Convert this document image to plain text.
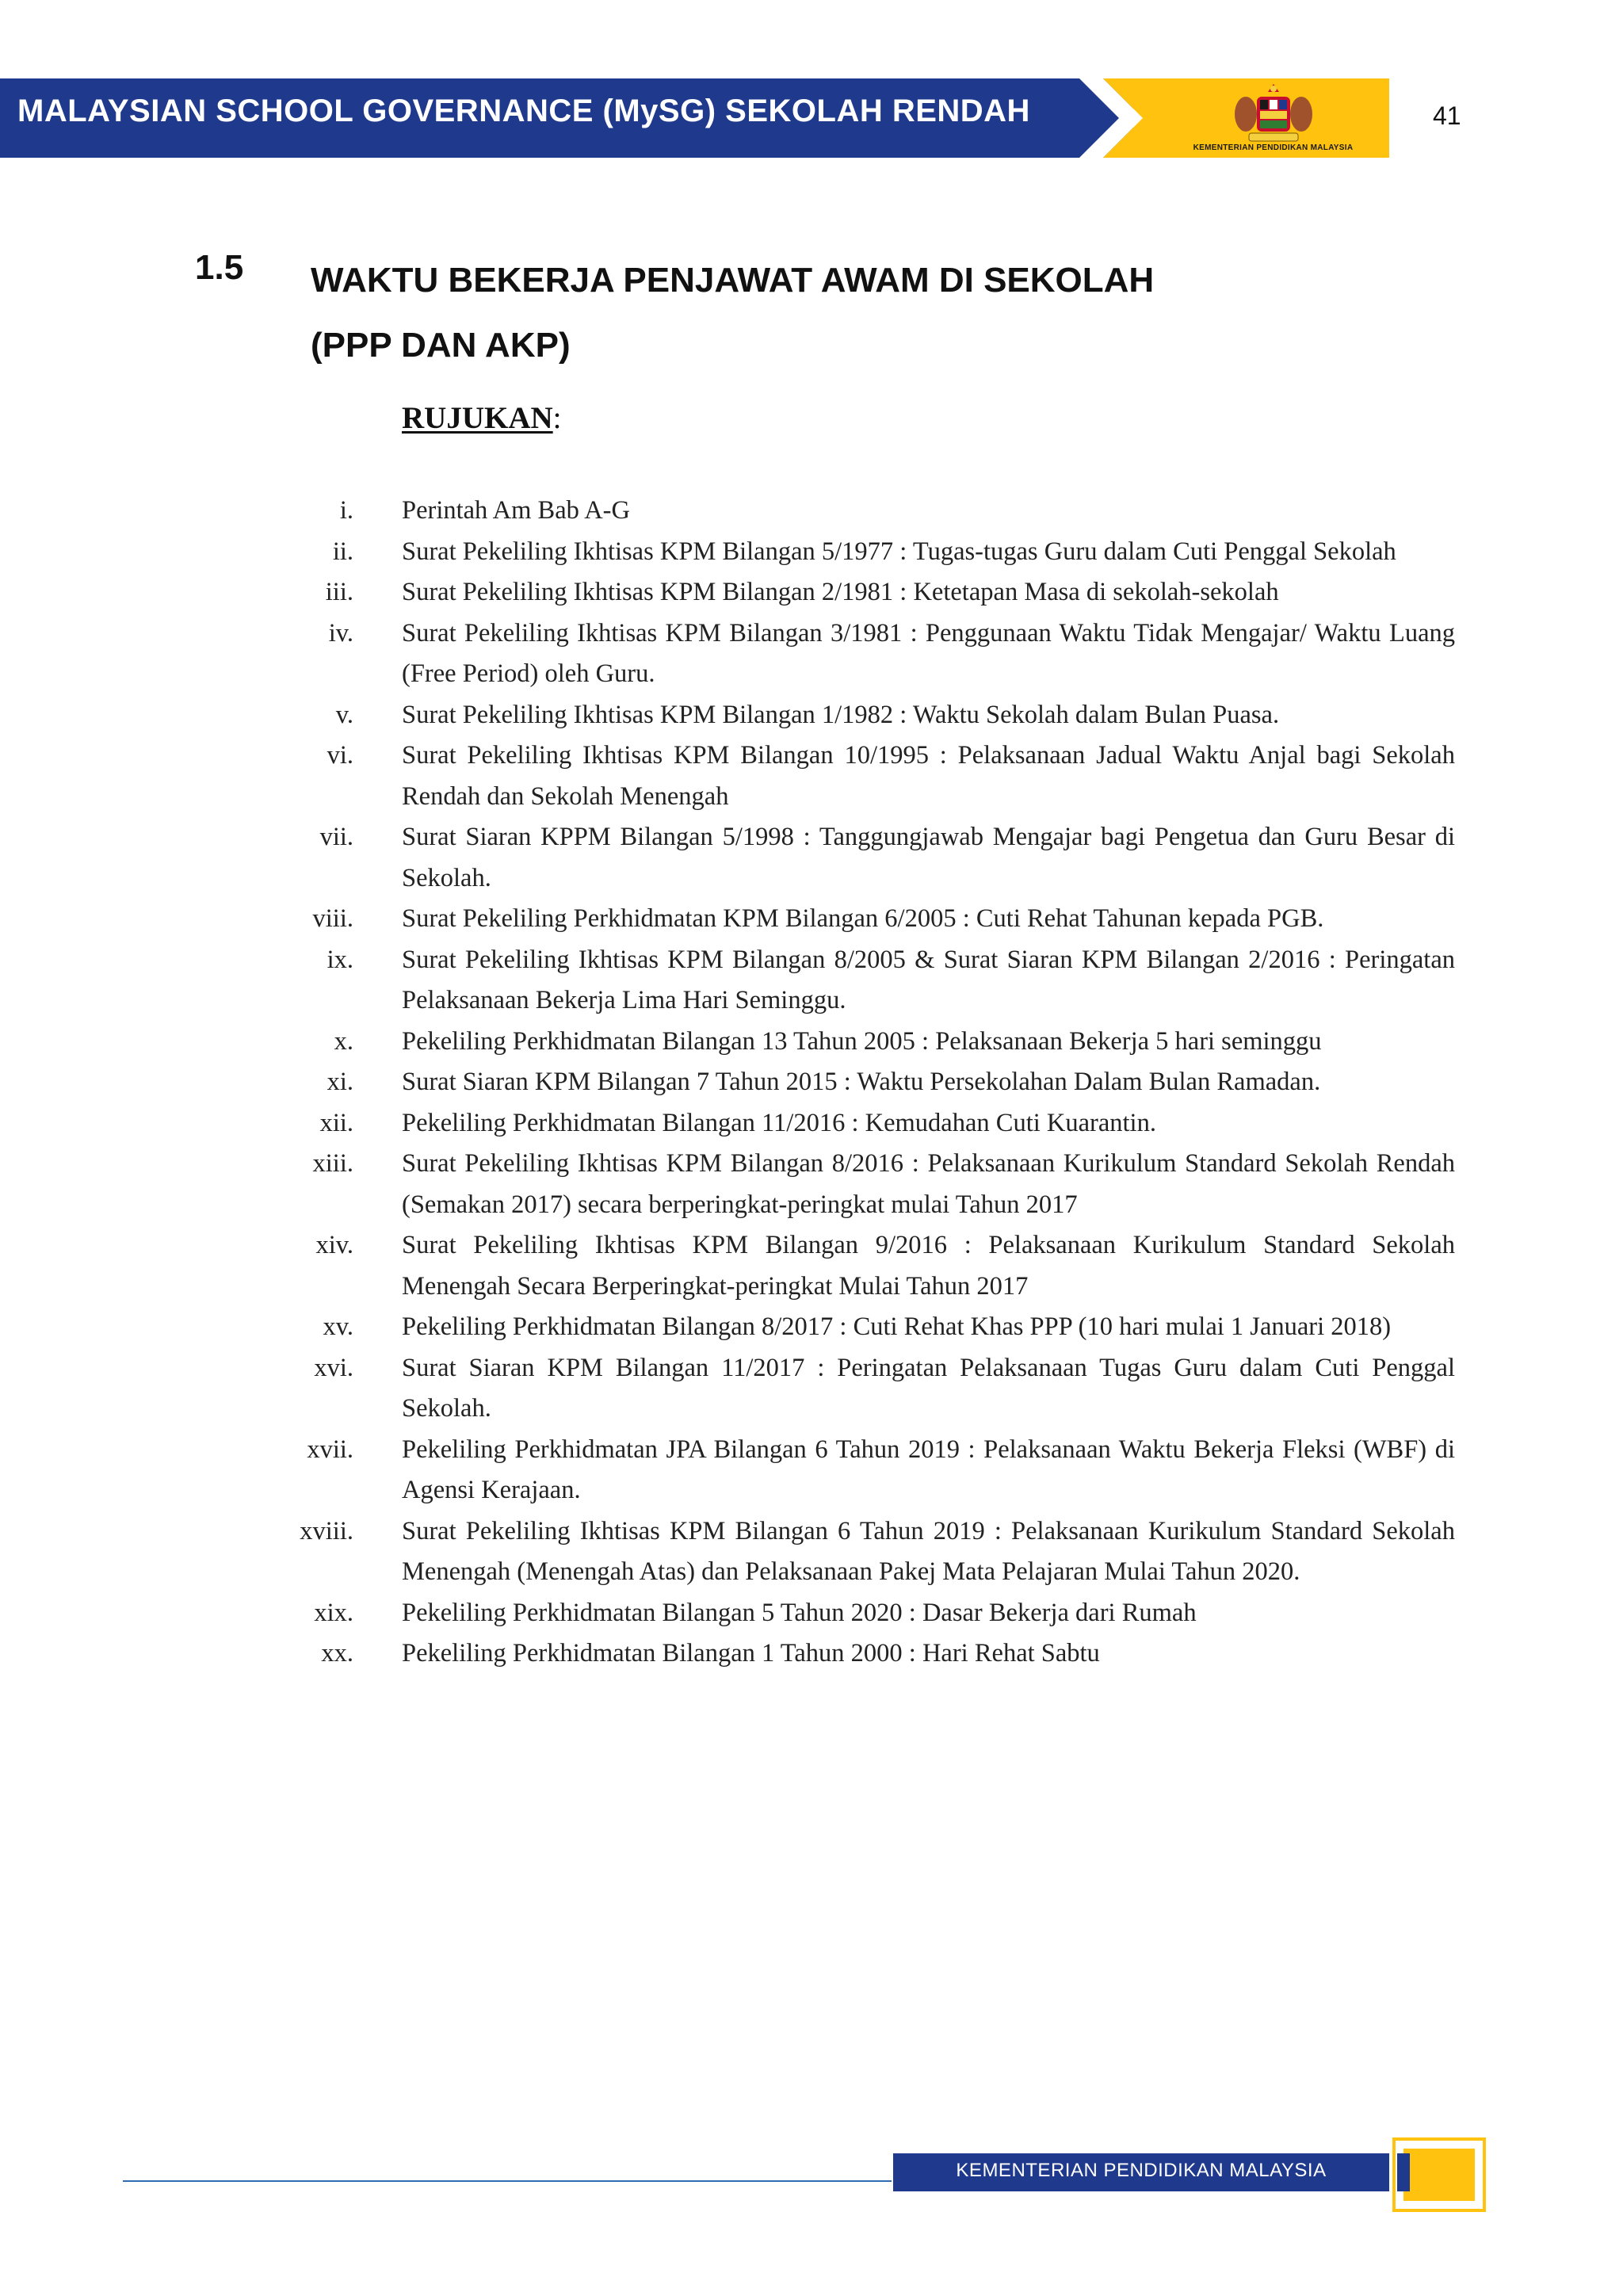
MALAYSIAN SCHOOL GOVERNANCE (MySG) SEKOLAH RENDAH
KEMENTERIAN PENDIDIKAN MALAYSIA
41
1.5 WAKTU BEKERJA PENJAWAT AWAM DI SEKOLAH
(PPP DAN AKP)
RUJUKAN:
i. Perintah Am Bab A-G
ii. Surat Pekeliling Ikhtisas KPM Bilangan 5/1977 : Tugas-tugas Guru dalam Cuti Penggal Sekolah
iii. Surat Pekeliling Ikhtisas KPM Bilangan 2/1981 : Ketetapan Masa di sekolah-sekolah
iv. Surat Pekeliling Ikhtisas KPM Bilangan 3/1981 : Penggunaan Waktu Tidak Mengajar/ Waktu Luang (Free Period) oleh Guru.
v. Surat Pekeliling Ikhtisas KPM Bilangan 1/1982 : Waktu Sekolah dalam Bulan Puasa.
vi. Surat Pekeliling Ikhtisas KPM Bilangan 10/1995 : Pelaksanaan Jadual Waktu Anjal bagi Sekolah Rendah dan Sekolah Menengah
vii. Surat Siaran KPPM Bilangan 5/1998 : Tanggungjawab Mengajar bagi Pengetua dan Guru Besar di Sekolah.
viii. Surat Pekeliling Perkhidmatan KPM Bilangan 6/2005 : Cuti Rehat Tahunan kepada PGB.
ix. Surat Pekeliling Ikhtisas KPM Bilangan 8/2005 & Surat Siaran KPM Bilangan 2/2016 : Peringatan Pelaksanaan Bekerja Lima Hari Seminggu.
x. Pekeliling Perkhidmatan Bilangan 13 Tahun 2005 : Pelaksanaan Bekerja 5 hari seminggu
xi. Surat Siaran KPM Bilangan 7 Tahun 2015 : Waktu Persekolahan Dalam Bulan Ramadan.
xii. Pekeliling Perkhidmatan Bilangan 11/2016 : Kemudahan Cuti Kuarantin.
xiii. Surat Pekeliling Ikhtisas KPM Bilangan 8/2016 : Pelaksanaan Kurikulum Standard Sekolah Rendah (Semakan 2017) secara berperingkat-peringkat mulai Tahun 2017
xiv. Surat Pekeliling Ikhtisas KPM Bilangan 9/2016 : Pelaksanaan Kurikulum Standard Sekolah Menengah Secara Berperingkat-peringkat Mulai Tahun 2017
xv. Pekeliling Perkhidmatan Bilangan 8/2017 : Cuti Rehat Khas PPP (10 hari mulai 1 Januari 2018)
xvi. Surat Siaran KPM Bilangan 11/2017 : Peringatan Pelaksanaan Tugas Guru dalam Cuti Penggal Sekolah.
xvii. Pekeliling Perkhidmatan JPA Bilangan 6 Tahun 2019 : Pelaksanaan Waktu Bekerja Fleksi (WBF) di Agensi Kerajaan.
xviii. Surat Pekeliling Ikhtisas KPM Bilangan 6 Tahun 2019 : Pelaksanaan Kurikulum Standard Sekolah Menengah (Menengah Atas) dan Pelaksanaan Pakej Mata Pelajaran Mulai Tahun 2020.
xix. Pekeliling Perkhidmatan Bilangan 5 Tahun 2020 : Dasar Bekerja dari Rumah
xx. Pekeliling Perkhidmatan Bilangan 1 Tahun 2000 : Hari Rehat Sabtu
KEMENTERIAN PENDIDIKAN MALAYSIA
